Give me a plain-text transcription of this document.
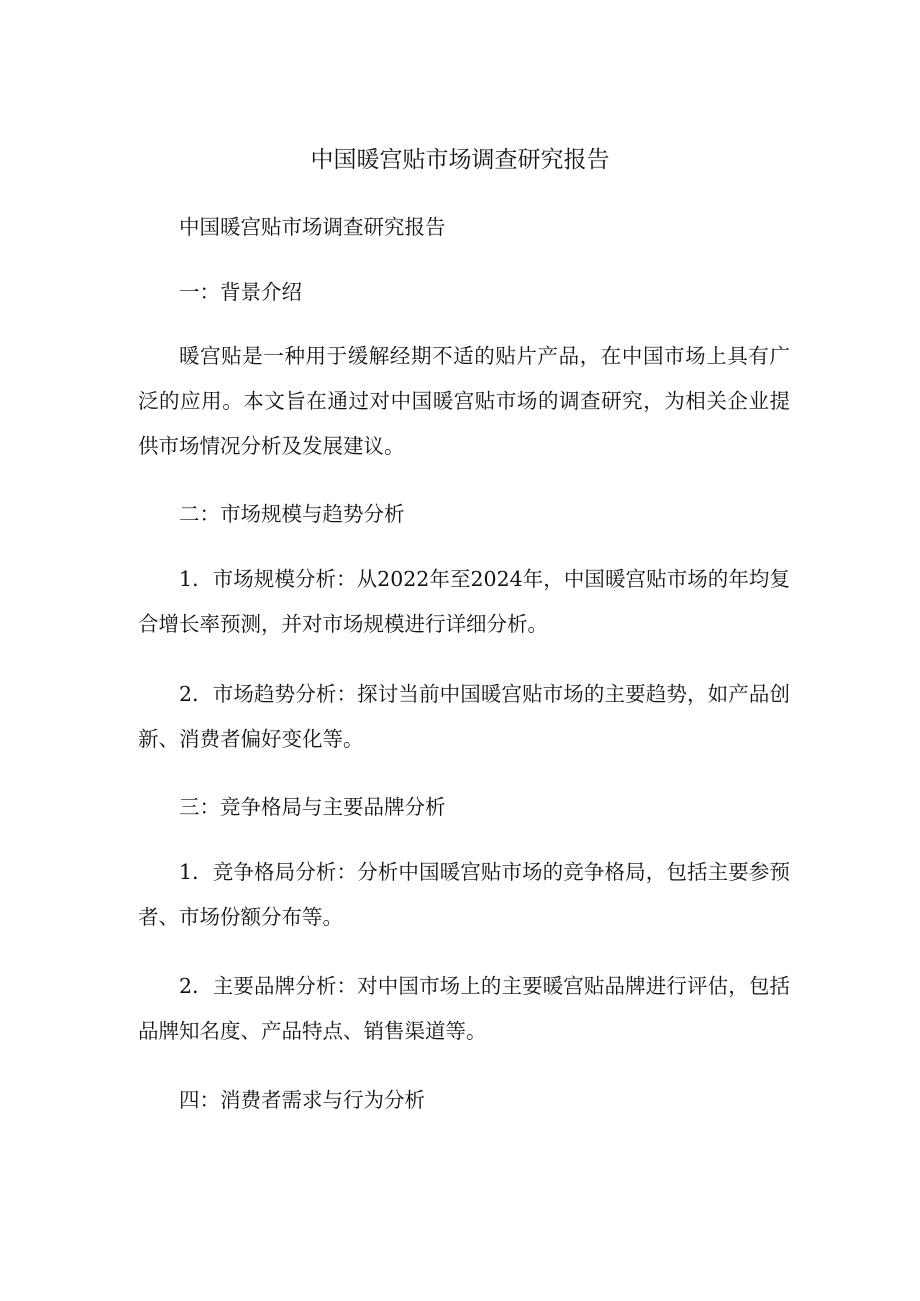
中国暖宫贴市场调查研究报告

中国暖宫贴市场调查研究报告

一：背景介绍

暖宫贴是一种用于缓解经期不适的贴片产品，在中国市场上具有广泛的应用。本文旨在通过对中国暖宫贴市场的调查研究，为相关企业提供市场情况分析及发展建议。

二：市场规模与趋势分析

1．市场规模分析：从2022年至2024年，中国暖宫贴市场的年均复合增长率预测，并对市场规模进行详细分析。

2．市场趋势分析：探讨当前中国暖宫贴市场的主要趋势，如产品创新、消费者偏好变化等。

三：竞争格局与主要品牌分析

1．竞争格局分析：分析中国暖宫贴市场的竞争格局，包括主要参预者、市场份额分布等。

2．主要品牌分析：对中国市场上的主要暖宫贴品牌进行评估，包括品牌知名度、产品特点、销售渠道等。

四：消费者需求与行为分析
